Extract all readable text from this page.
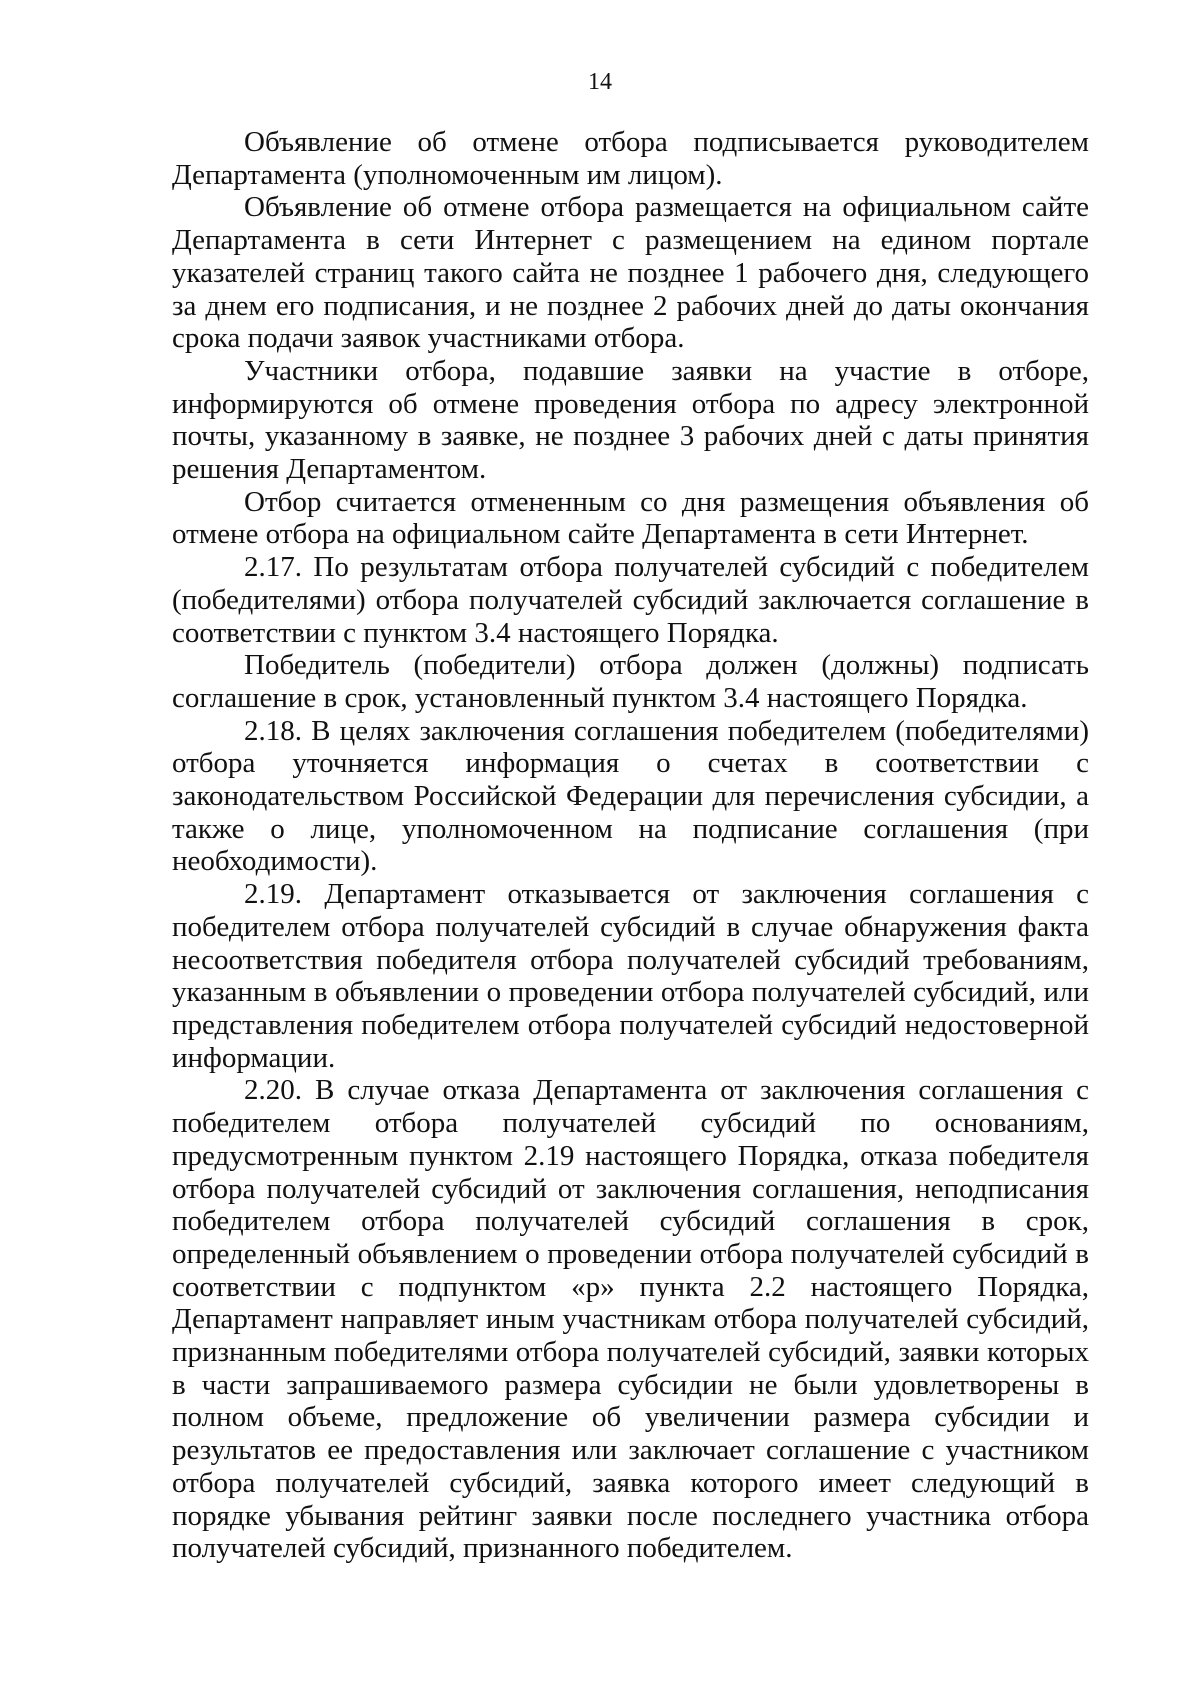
14

Объявление об отмене отбора подписывается руководителем Департамента (уполномоченным им лицом).

Объявление об отмене отбора размещается на официальном сайте Департамента в сети Интернет с размещением на едином портале указателей страниц такого сайта не позднее 1 рабочего дня, следующего за днем его подписания, и не позднее 2 рабочих дней до даты окончания срока подачи заявок участниками отбора.

Участники отбора, подавшие заявки на участие в отборе, информируются об отмене проведения отбора по адресу электронной почты, указанному в заявке, не позднее 3 рабочих дней с даты принятия решения Департаментом.

Отбор считается отмененным со дня размещения объявления об отмене отбора на официальном сайте Департамента в сети Интернет.

2.17. По результатам отбора получателей субсидий с победителем (победителями) отбора получателей субсидий заключается соглашение в соответствии с пунктом 3.4 настоящего Порядка.

Победитель (победители) отбора должен (должны) подписать соглашение в срок, установленный пунктом 3.4 настоящего Порядка.

2.18. В целях заключения соглашения победителем (победителями) отбора уточняется информация о счетах в соответствии с законодательством Российской Федерации для перечисления субсидии, а также о лице, уполномоченном на подписание соглашения (при необходимости).

2.19. Департамент отказывается от заключения соглашения с победителем отбора получателей субсидий в случае обнаружения факта несоответствия победителя отбора получателей субсидий требованиям, указанным в объявлении о проведении отбора получателей субсидий, или представления победителем отбора получателей субсидий недостоверной информации.

2.20. В случае отказа Департамента от заключения соглашения с победителем отбора получателей субсидий по основаниям, предусмотренным пунктом 2.19 настоящего Порядка, отказа победителя отбора получателей субсидий от заключения соглашения, неподписания победителем отбора получателей субсидий соглашения в срок, определенный объявлением о проведении отбора получателей субсидий в соответствии с подпунктом «р» пункта 2.2 настоящего Порядка, Департамент направляет иным участникам отбора получателей субсидий, признанным победителями отбора получателей субсидий, заявки которых в части запрашиваемого размера субсидии не были удовлетворены в полном объеме, предложение об увеличении размера субсидии и результатов ее предоставления или заключает соглашение с участником отбора получателей субсидий, заявка которого имеет следующий в порядке убывания рейтинг заявки после последнего участника отбора получателей субсидий, признанного победителем.
